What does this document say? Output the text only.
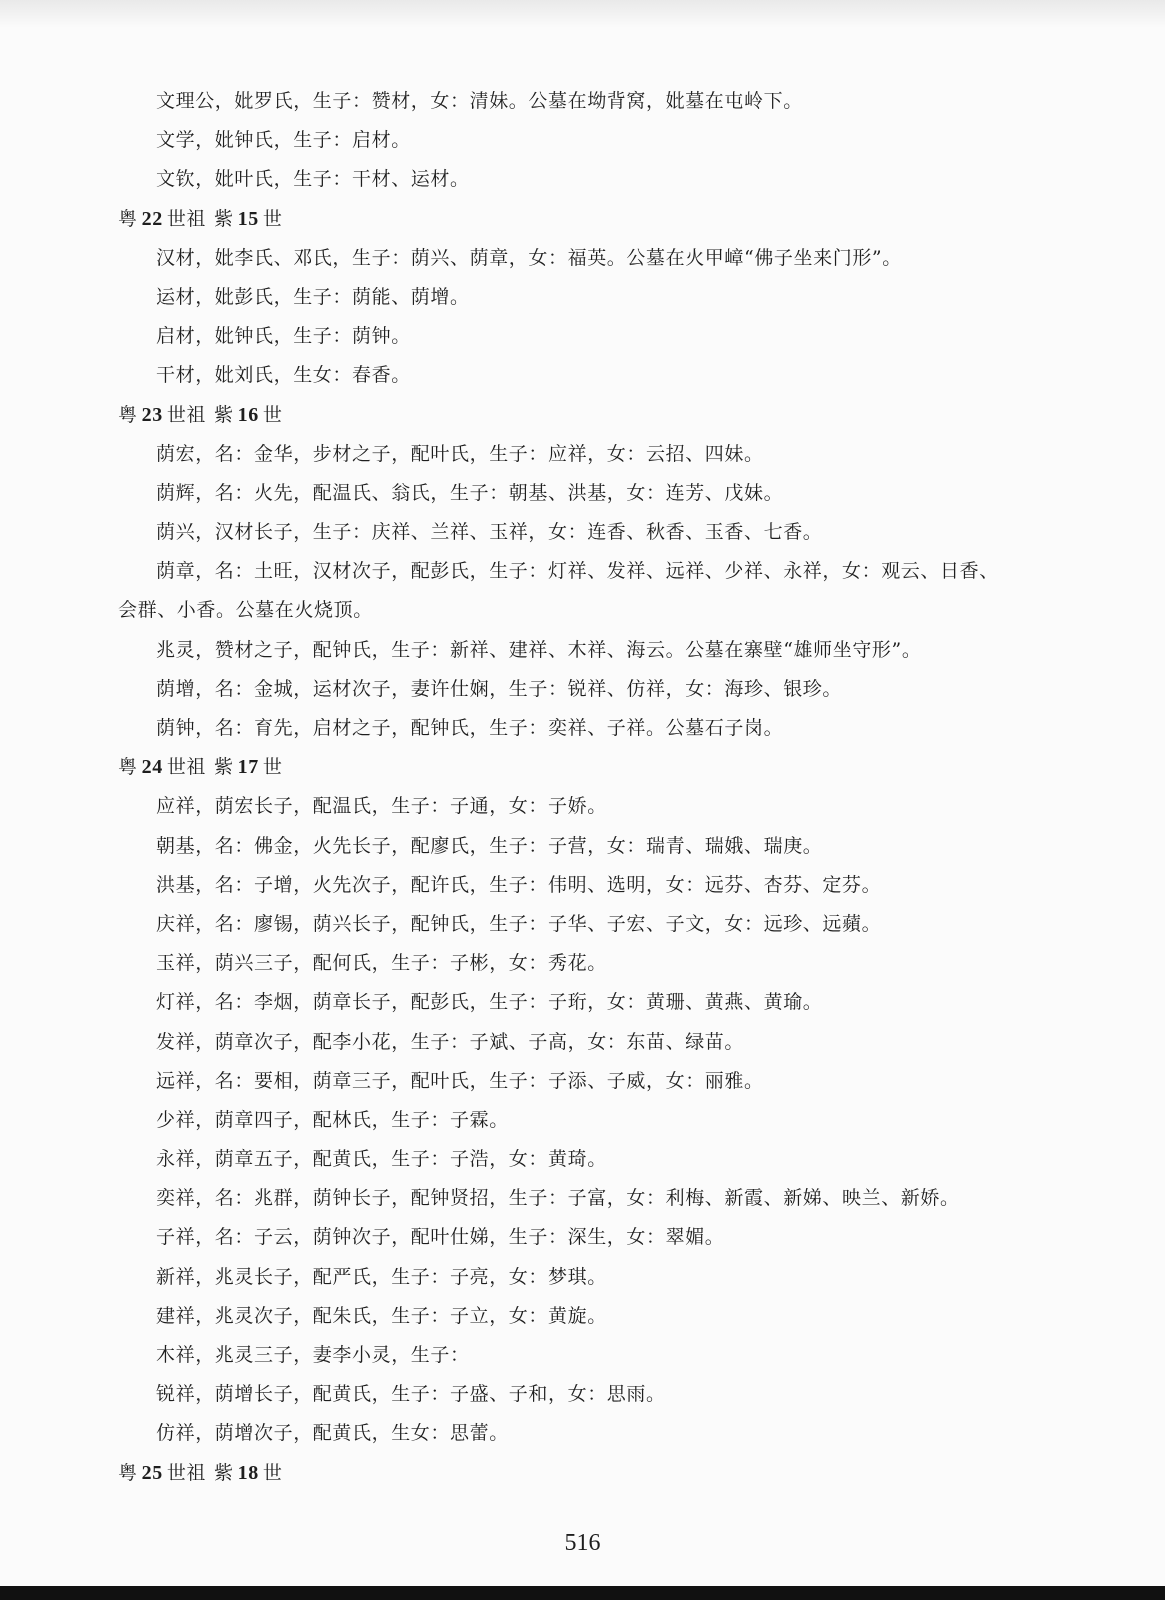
文理公，妣罗氏，生子：赞材，女：清妹。公墓在坳背窝，妣墓在屯岭下。
文学，妣钟氏，生子：启材。
文钦，妣叶氏，生子：干材、运材。
粤 22 世祖 紫 15 世
汉材，妣李氏、邓氏，生子：荫兴、荫章，女：福英。公墓在火甲嶂“佛子坐来门形”。
运材，妣彭氏，生子：荫能、荫增。
启材，妣钟氏，生子：荫钟。
干材，妣刘氏，生女：春香。
粤 23 世祖 紫 16 世
荫宏，名：金华，步材之子，配叶氏，生子：应祥，女：云招、四妹。
荫辉，名：火先，配温氏、翁氏，生子：朝基、洪基，女：连芳、戊妹。
荫兴，汉材长子，生子：庆祥、兰祥、玉祥，女：连香、秋香、玉香、七香。
荫章，名：土旺，汉材次子，配彭氏，生子：灯祥、发祥、远祥、少祥、永祥，女：观云、日香、
会群、小香。公墓在火烧顶。
兆灵，赞材之子，配钟氏，生子：新祥、建祥、木祥、海云。公墓在寨壁“雄师坐守形”。
荫增，名：金城，运材次子，妻许仕娴，生子：锐祥、仿祥，女：海珍、银珍。
荫钟，名：育先，启材之子，配钟氏，生子：奕祥、子祥。公墓石子岗。
粤 24 世祖 紫 17 世
应祥，荫宏长子，配温氏，生子：子通，女：子娇。
朝基，名：佛金，火先长子，配廖氏，生子：子营，女：瑞青、瑞娥、瑞庚。
洪基，名：子增，火先次子，配许氏，生子：伟明、选明，女：远芬、杏芬、定芬。
庆祥，名：廖锡，荫兴长子，配钟氏，生子：子华、子宏、子文，女：远珍、远蘋。
玉祥，荫兴三子，配何氏，生子：子彬，女：秀花。
灯祥，名：李烟，荫章长子，配彭氏，生子：子珩，女：黄珊、黄燕、黄瑜。
发祥，荫章次子，配李小花，生子：子斌、子高，女：东苗、绿苗。
远祥，名：要相，荫章三子，配叶氏，生子：子添、子威，女：丽雅。
少祥，荫章四子，配林氏，生子：子霖。
永祥，荫章五子，配黄氏，生子：子浩，女：黄琦。
奕祥，名：兆群，荫钟长子，配钟贤招，生子：子富，女：利梅、新霞、新娣、映兰、新娇。
子祥，名：子云，荫钟次子，配叶仕娣，生子：深生，女：翠媚。
新祥，兆灵长子，配严氏，生子：子亮，女：梦琪。
建祥，兆灵次子，配朱氏，生子：子立，女：黄旋。
木祥，兆灵三子，妻李小灵，生子：
锐祥，荫增长子，配黄氏，生子：子盛、子和，女：思雨。
仿祥，荫增次子，配黄氏，生女：思蕾。
粤 25 世祖 紫 18 世
516
